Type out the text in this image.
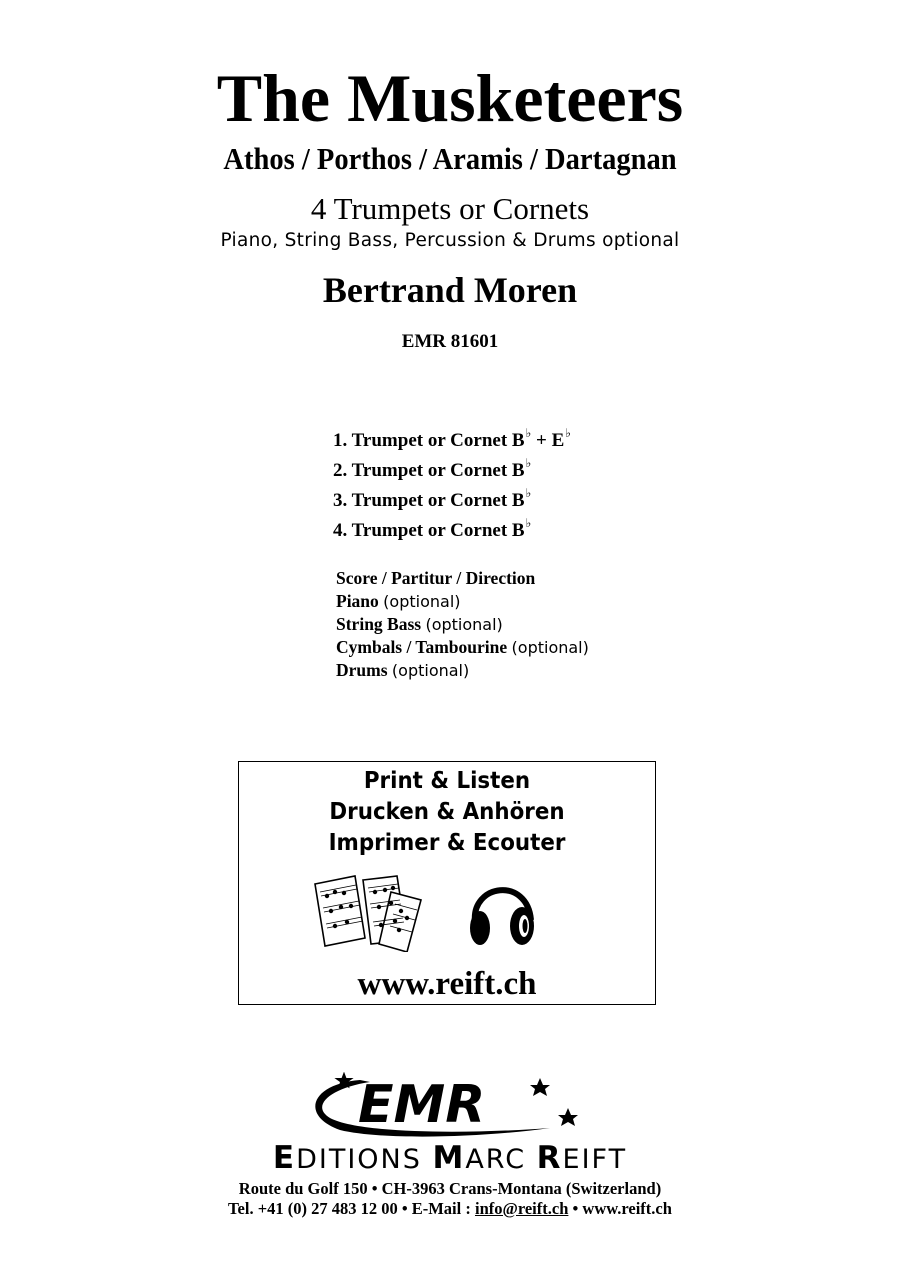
The Musketeers
Athos / Porthos / Aramis / Dartagnan
4 Trumpets or Cornets
Piano, String Bass, Percussion & Drums optional
Bertrand Moren
EMR 81601
1. Trumpet or Cornet B♭ + E♭
2. Trumpet or Cornet B♭
3. Trumpet or Cornet B♭
4. Trumpet or Cornet B♭
Score / Partitur / Direction
Piano (optional)
String Bass (optional)
Cymbals / Tambourine (optional)
Drums (optional)
Print & Listen
Drucken & Anhören
Imprimer & Ecouter
www.reift.ch
EMR
EDITIONS MARC REIFT
Route du Golf 150 • CH-3963 Crans-Montana (Switzerland)
Tel. +41 (0) 27 483 12 00 • E-Mail : info@reift.ch • www.reift.ch
